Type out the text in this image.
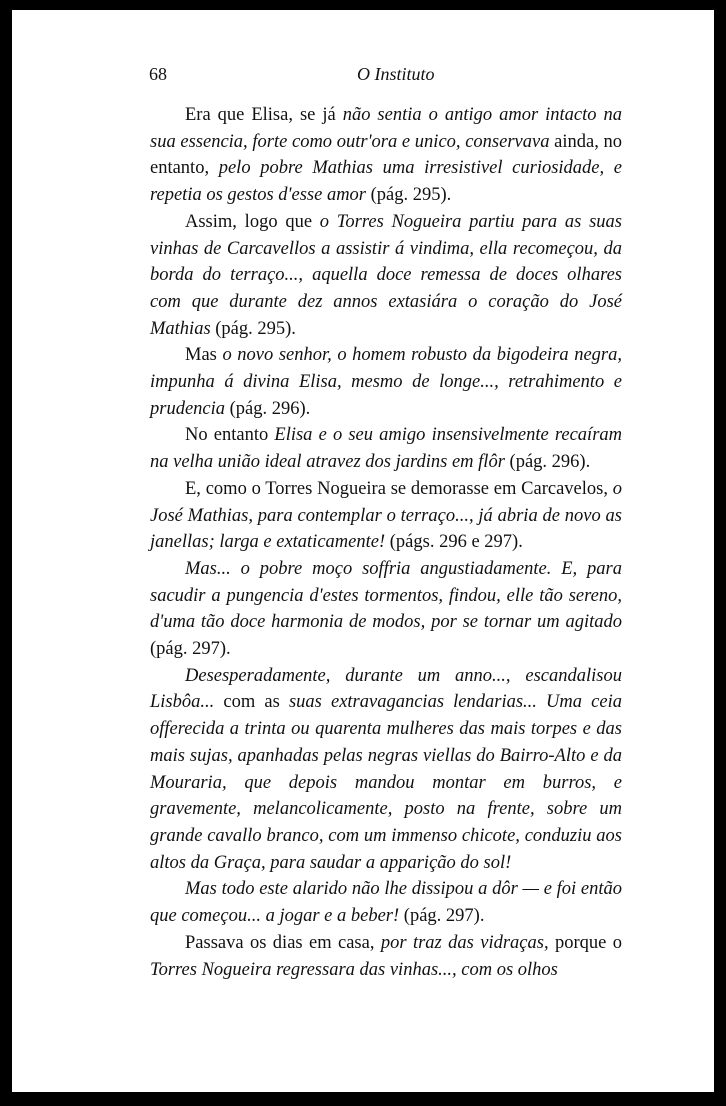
68	O Instituto

Era que Elisa, se já não sentia o antigo amor intacto na sua essencia, forte como outr'ora e unico, conservava ainda, no entanto, pelo pobre Mathias uma irresistivel curiosidade, e repetia os gestos d'esse amor (pág. 295).

Assim, logo que o Torres Nogueira partiu para as suas vinhas de Carcavellos a assistir á vindima, ella recomeçou, da borda do terraço..., aquella doce remessa de doces olhares com que durante dez annos extasiára o coração do José Mathias (pág. 295).

Mas o novo senhor, o homem robusto da bigodeira negra, impunha á divina Elisa, mesmo de longe..., retrahimento e prudencia (pág. 296).

No entanto Elisa e o seu amigo insensivelmente recaíram na velha união ideal atravez dos jardins em flôr (pág. 296).

E, como o Torres Nogueira se demorasse em Carcavelos, o José Mathias, para contemplar o terraço..., já abria de novo as janellas; larga e extaticamente! (págs. 296 e 297).

Mas... o pobre moço soffria angustiadamente. E, para sacudir a pungencia d'estes tormentos, findou, elle tão sereno, d'uma tão doce harmonia de modos, por se tornar um agitado (pág. 297).

Desesperadamente, durante um anno..., escandalisou Lisbôa... com as suas extravagancias lendarias... Uma ceia offerecida a trinta ou quarenta mulheres das mais torpes e das mais sujas, apanhadas pelas negras viellas do Bairro-Alto e da Mouraria, que depois mandou montar em burros, e gravemente, melancolicamente, posto na frente, sobre um grande cavallo branco, com um immenso chicote, conduziu aos altos da Graça, para saudar a apparição do sol!

Mas todo este alarido não lhe dissipou a dôr — e foi então que começou... a jogar e a beber! (pág. 297).

Passava os dias em casa, por traz das vidraças, porque o Torres Nogueira regressara das vinhas..., com os olhos
